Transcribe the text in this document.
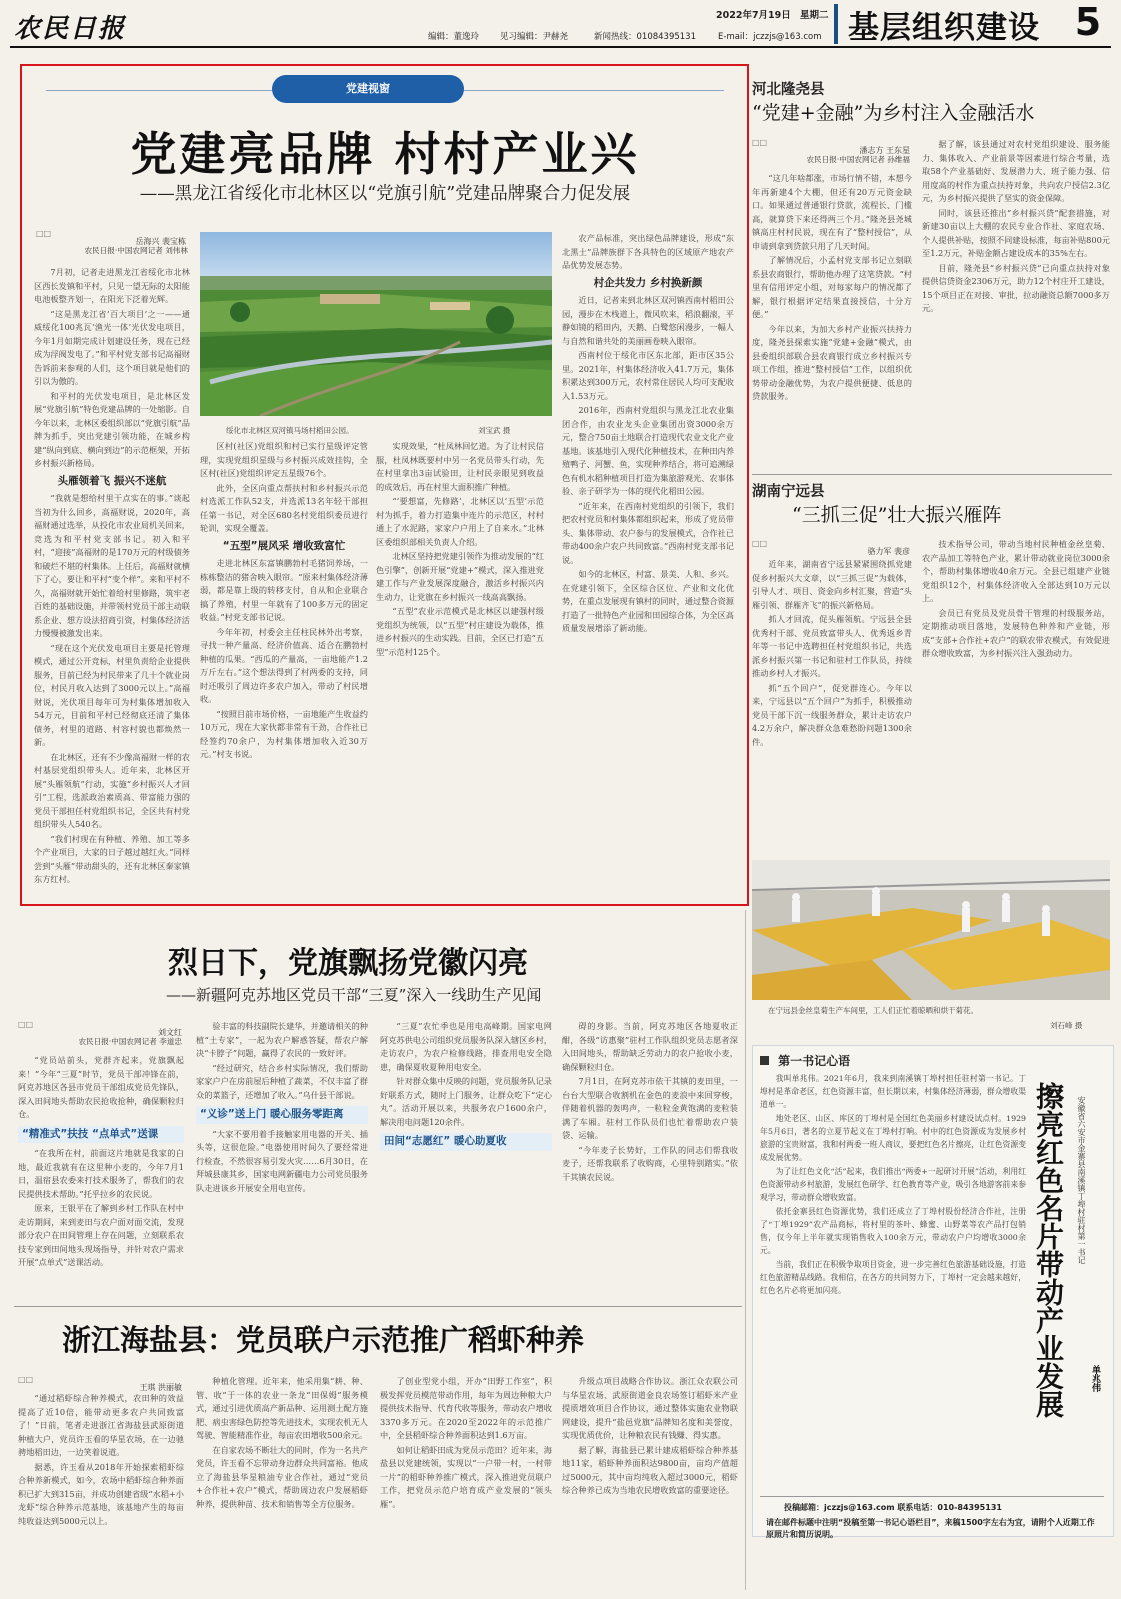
农民日报	2022年7月19日 星期二
编辑：董逸玲 见习编辑：尹赫尧	新闻热线：01084395131	E-mail：jczzjs@163.com 基层组织建设 5
党建视窗
党建亮品牌 村村产业兴
——黑龙江省绥化市北林区以“党旗引航”党建品牌聚合力促发展
□□
岳海兴 裴宝栋
农民日报·中国农网记者 刘伟林

7月初，记者走进黑龙江省绥化市北林区西长发镇和平村，只见一望无际的太阳能电池板整齐划一，在阳光下泛着光辉。

“这是黑龙江省‘百大项目’之一——通威绥化100兆瓦‘渔光一体’光伏发电项目，今年1月如期完成计划建设任务，现在已经成为浮阀发电了。”和平村党支部书记高福财告诉前来参观的人们，这个项目就是他们的引以为傲的。

和平村的光伏发电项目，是北林区发展“党旗引航”特色党建品牌的一处缩影。自今年以来，北林区委组织部以“党旗引航”品牌为抓手，突出党建引领功能，在城乡构建“纵向到底、横向到边”的示范框架，开拓乡村振兴新格局。

头雁领着飞 振兴不迷航

“我就是想给村里干点实在的事。”谈起当初为什么回乡，高福财说，2020年，高福财通过选举，从投化市农业局机关回来，竞选为和平村党支部书记。初入和平村，“迎接”高福财的是170万元的村级债务和破烂不堪的村集体。上任后，高福财就横下了心，要让和平村“变个样”。来和平村不久，高福财就开始忙着给村里修路，筑牢老百姓的基础设施，并带领村党员干部主动联系企业、想方设法招商引资，村集体经济活力慢慢被激发出来。

“现在这个光伏发电项目主要是托管理模式，通过公开竞标，村里负责给企业提供服务，目前已经为村民带来了几十个就业岗位，村民月收入达到了3000元以上。”高福财说，光伏项目每年可为村集体增加收入54万元，目前和平村已经彻底还清了集体债务，村里的道路、村容村貌也都焕然一新。

在北林区，还有不少像高福财一样的农村基层党组织带头人。近年来，北林区开展“头雁领航”行动，实施“乡村振兴人才回引”工程，选派政治素质高、带富能力强的党员干部担任村党组织书记，全区共有村党组织带头人540名。

“我们村现在有种植、养殖、加工等多个产业项目，大家的日子越过越红火。”同样尝到“头雁”带动甜头的，还有北林区秦家镇东方红村。

绥化市北林区双河镇马场村稻田公园。	刘宝武 摄

区村(社区)党组织和村已实行星级评定管理，实现党组织星级与乡村振兴成效挂钩，全区村(社区)党组织评定五星级76个。

此外，全区向重点帮扶村和乡村振兴示范村选派工作队52支，并选派13名年轻干部担任第一书记，对全区680名村党组织委员进行轮训，实现全覆盖。

“五型”展风采 增收致富忙

走进北林区东富镇鹏勃村毛猪饲养场，一栋栋整洁的猪舍映入眼帘。“原来村集体经济薄弱，都是靠上级的转移支付，自从和企业联合搞了养殖，村里一年就有了100多万元的固定收益。”村党支部书记说。

今年年初，村委会主任柱民林外出考察，寻找一种产量高、经济价值高、适合在鹏勃村种植的瓜果。“西瓜的产量高，一亩地能产1.2万斤左右。”这个想法得到了村两委的支持，同时还吸引了周边许多农户加入，带动了村民增收。

“按照目前市场价格，一亩地能产生收益约10万元，现在大家伙都非常有干劲，合作社已经签约70余户，为村集体增加收入近30万元。”村支书说。

实现效果，“杜凤林回忆道。为了让村民信服，杜凤林既要村中另一名党员带头行动，先在村里拿出3亩试验田，让村民亲眼见到收益的成效后，再在村里大面积推广种植。

“‘要想富，先修路’，北林区以‘五型’示范村为抓手，着力打造集中连片的示范区，村村通上了水泥路，家家户户用上了自来水。”北林区委组织部相关负责人介绍。

北林区坚持把党建引领作为推动发展的“红色引擎”，创新开展“党建+”模式，深入推进党建工作与产业发展深度融合，激活乡村振兴内生动力，让党旗在乡村振兴一线高高飘扬。

“五型”农业示范模式是北林区以建强村级党组织为统领，以“五型”村庄建设为载体，推进乡村振兴的生动实践。目前，全区已打造“五型”示范村125个。

农产品标准，突出绿色品牌建设，形成“东北黑土”品牌族群下各具特色的区域原产地农产品优势发展态势。

村企共发力 乡村换新颜

近日，记者来到北林区双河镇西南村稻田公园，漫步在木栈道上，微风吹来，稻浪翻滚，平静如镜的稻田内，天鹅、白鹭悠闲漫步，一幅人与自然和谐共处的美丽画卷映入眼帘。

西南村位于绥化市区东北部，距市区35公里。2021年，村集体经济收入41.7万元，集体积累达到300万元，农村常住居民人均可支配收入1.53万元。

2016年，西南村党组织与黑龙江北农业集团合作，由农业龙头企业集团出资3000余万元，整合750亩土地联合打造现代农业文化产业基地。该基地引入现代化种植技术，在种田内养殖鸭子、河蟹、鱼，实现种养结合，将可追溯绿色有机水稻种植项目打造为集旅游观光、农事体验、亲子研学为一体的现代化稻田公园。

“近年来，在西南村党组织的引领下，我们把农村党员和村集体都组织起来，形成了党员带头、集体带动、农户参与的发展模式，合作社已带动400余户农户共同致富。”西南村党支部书记说。

如今的北林区，村富、景美、人和、乡兴。在党建引领下，全区综合区位、产业和文化优势，在重点发展现有镇村的同时，通过整合资源打造了一批特色产业园和田园综合体，为全区高质量发展增添了新动能。

河北隆尧县
“党建+金融”为乡村注入金融活水
□□
潘志方 王东星
农民日报·中国农网记者 孙维福

“这几年啥都涨，市场行情不错，本想今年再新建4个大棚，但还有20万元资金缺口。如果通过普通银行贷款，流程长、门槛高，就算贷下来还得两三个月。”隆尧县尧城镇高庄村村民说，现在有了“整村授信”，从申请到拿到贷款只用了几天时间。

了解情况后，小孟村党支部书记立刻联系县农商银行，帮助他办理了这笔贷款。“村里有信用评定小组，对每家每户的情况都了解，银行根据评定结果直接授信，十分方便。”

今年以来，为加大乡村产业振兴扶持力度，隆尧县探索实施“党建+金融”模式，由县委组织部联合县农商银行成立乡村振兴专项工作组，推进“整村授信”工作，以组织优势带动金融优势，为农户提供便捷、低息的贷款服务。

据了解，该县通过对农村党组织建设、服务能力、集体收入、产业前景等因素进行综合考量，选取58个产业基础好、发展潜力大、班子能力强、信用度高的村作为重点扶持对象，共向农户授信2.3亿元，为乡村振兴提供了坚实的资金保障。

同时，该县还推出“乡村振兴贷”配套措施，对新建30亩以上大棚的农民专业合作社、家庭农场、个人提供补贴，按照不同建设标准，每亩补贴800元至1.2万元，补贴金额占建设成本的35%左右。

目前，隆尧县“乡村振兴贷”已向重点扶持对象提供信贷资金2306万元，助力12个村庄开工建设，15个项目正在对接、审批，拉动融资总额7000多万元。

湖南宁远县
“三抓三促”壮大振兴雁阵
□□
骆力军 裴彦

近年来，湖南省宁远县紧紧围绕抓党建促乡村振兴大文章，以“三抓三促”为载体，引导人才、项目、资金向乡村汇聚，营造“头雁引领、群雁齐飞”的振兴新格局。

抓人才回流，促头雁领航。宁远县全县优秀村干部、党员致富带头人、优秀返乡青年等一书记中选聘担任村党组织书记，共选派乡村振兴第一书记和驻村工作队员，持续推动乡村人才振兴。

抓“五个回户”，促党群连心。今年以来，宁远县以“五个回户”为抓手，积极推动党员干部下沉一线服务群众，累计走访农户4.2万余户，解决群众急难愁盼问题1300余件。

技术指导公司，带动当地村民种植金丝皇菊、农产品加工等特色产业，累计带动就业岗位3000余个，帮助村集体增收40余万元。全县已组建产业链党组织12个，村集体经济收入全部达到10万元以上。

会员已有党员及党员骨干管理的村级服务站，定期推动项目落地，发展特色种养和产业链，形成“支部+合作社+农户”的联农带农模式，有效促进群众增收致富，为乡村振兴注入强劲动力。

在宁远县金丝皇菊生产车间里，工人们正忙着晾晒和烘干菊花。
刘石峰 摄
烈日下，党旗飘扬党徽闪亮
——新疆阿克苏地区党员干部“三夏”深入一线助生产见闻
□□
刘文红
农民日报·中国农网记者 李道忠

“党员站前头，党群齐起来，党旗飘起来！”今年“三夏”时节，党员干部冲锋在前，阿克苏地区各县市党员干部组成党员先锋队，深入田间地头帮助农民抢收抢种，确保颗粒归仓。

“精准式”扶技 “点单式”送课

“在我所在村，前面这片地就是我家的白地，最近我就有在这里种小麦的，今年7月1日，温宿县农委来打技术服务了，帮我们的农民提供技术帮助。”托乎拉乡的农民说。

原来，王银平在了解到乡村工作队在村中走访期间，来到麦田与农户面对面交流，发现部分农户在田间管理上存在问题，立刻联系农技专家到田间地头现场指导，并针对农户需求开展“点单式”送课活动。

验丰富的科技副院长建华，并邀请相关的种植“土专家”，一起为农户解惑答疑，帮农户解决“卡脖子”问题，赢得了农民的一致好评。

“经过研究，结合乡村实际情况，我们帮助家家户户在房前屋后种植了蔬菜，不仅丰富了群众的菜篮子，还增加了收入。”乌什县干部说。

“义诊”送上门 暖心服务零距离

“大家不要用着手接触家用电器的开关、插头等，这很危险。”电器使用时间久了要经常进行检查，不然很容易引发火灾……6月30日，在拜城县康其乡，国家电网新疆电力公司党员服务队走进该乡开展安全用电宣传。

“三夏”农忙季也是用电高峰期。国家电网阿克苏供电公司组织党员服务队深入辖区乡村，走访农户，为农户检修线路，排查用电安全隐患，确保夏收夏种用电安全。

针对群众集中反映的问题，党员服务队记录好联系方式，随时上门服务，让群众吃下“定心丸”。活动开展以来，共服务农户1600余户，解决用电问题120余件。

田间“志愿红” 暖心助夏收

碍的身影。当前，阿克苏地区各地夏收正酣，各级“访惠聚”驻村工作队组织党员志愿者深入田间地头，帮助缺乏劳动力的农户抢收小麦，确保颗粒归仓。

7月1日，在阿克苏市依干其镇的麦田里，一台台大型联合收割机在金色的麦浪中来回穿梭，伴随着机器的轰鸣声，一粒粒金黄饱满的麦粒装满了车厢。驻村工作队员们也忙着帮助农户装袋、运输。

“今年麦子长势好，工作队的同志们帮我收麦子，还帮我联系了收购商，心里特别踏实。”依干其镇农民说。

第一书记心语

我叫单兆伟。2021年6月，我来到南溪镇丁埠村担任驻村第一书记。丁埠村是革命老区，红色资源丰富，但长期以来，村集体经济薄弱，群众增收渠道单一。

地处老区、山区、库区的丁埠村是全国红色美丽乡村建设试点村。1929年5月6日，著名的立夏节起义在丁埠村打响。村中的红色资源成为发展乡村旅游的宝贵财富，我和村两委一班人商议，要把红色名片擦亮，让红色资源变成发展优势。

为了让红色文化“活”起来，我们推出“两委+一起研讨开展”活动，利用红色资源带动乡村旅游，发展红色研学、红色教育等产业，吸引各地游客前来参观学习，带动群众增收致富。

依托金寨县红色资源优势，我们还成立了丁埠村股份经济合作社，注册了“丁埠1929”农产品商标，将村里的茶叶、蜂蜜、山野菜等农产品打包销售，仅今年上半年就实现销售收入100余万元，带动农户户均增收3000余元。

当前，我们正在积极争取项目资金，进一步完善红色旅游基础设施，打造红色旅游精品线路。我相信，在各方的共同努力下，丁埠村一定会越来越好，红色名片必将更加闪亮。	擦亮红色名片带动产业发展	安徽省六安市金寨县南溪镇丁埠村驻村第一书记
单兆伟
投稿邮箱：jczzjs@163.com 联系电话：010-84395131
请在邮件标题中注明“投稿至第一书记心语栏目”，来稿1500字左右为宜，请附个人近期工作原照片和简历说明。
浙江海盐县：党员联户示范推广稻虾种养
□□
王琪 洪丽敏

“通过稻虾综合种养模式，农田种的效益提高了近10倍，能带动更多农户共同致富了！”日前，笔者走进浙江省海盐县武原街道种植大户，党员许玉看的华星农场，在一边驰骋地稻田边，一边笑着说道。

据悉，许玉看从2018年开始探索稻虾综合种养新模式，如今，农场中稻虾综合种养面积已扩大到315亩，并成功创建省级“水稻+小龙虾”综合种养示范基地，该基地产生的每亩纯收益达到5000元以上。

种植化管理。近年来，他采用集“耕、种、管、收”于一体的农业一条龙“田保姆”服务模式，通过引进优质高产新品种、运用测土配方施肥、病虫害绿色防控等先进技术，实现农机无人驾驶、智能精准作业，每亩农田增收500余元。

在自家农场不断壮大的同时，作为一名共产党员，许玉看不忘带动身边群众共同富裕。他成立了海盐县华星粮油专业合作社，通过“党员+合作社+农户”模式，帮助周边农户发展稻虾种养，提供种苗、技术和销售等全方位服务。

了创业型党小组，开办“田野工作室”，积极发挥党员模范带动作用，每年为周边种粮大户提供技术指导、代育代收等服务，带动农户增收3370多万元。在2020至2022年的示范推广中，全县稻虾综合种养面积达到1.6万亩。

如何让稻虾田成为党员示范田？近年来，海盐县以党建统领，实现以“一户带一村，一村带一片”的稻虾种养推广模式，深入推进党员联户工作，把党员示范户培育成产业发展的“领头雁”。

升级点项目战略合作协议。浙江众农联公司与华星农场、武原街道金良农场签订稻虾米产业提质增效项目合作协议，通过整体实施农业物联网建设，提升“盐邑党旗”品牌知名度和美誉度，实现优质优价，让种粮农民有钱赚、得实惠。

据了解，海盐县已累计建成稻虾综合种养基地11家，稻虾种养面积达9800亩，亩均产值超过5000元，其中亩均纯收入超过3000元，稻虾综合种养已成为当地农民增收致富的重要途径。
